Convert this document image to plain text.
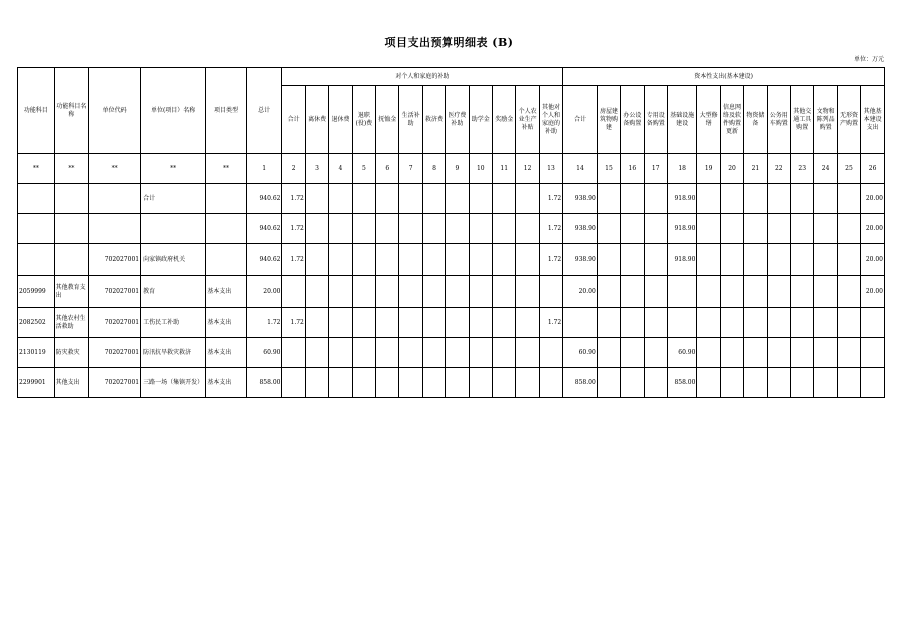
项目支出预算明细表 (B)
单位：万元
功能科目	功能科目名称	单位代码	单位(项目）名称	项目类型	总计	对个人和家庭的补助												资本性支出(基本建设)												
						合计	离休费	退休费	退职(役)费	抚恤金	生活补助	救济费	医疗费补助	助学金	奖励金	个人农业生产补贴	其他对个人和家庭的补助	合计	房屋建筑物购建	办公设备购置	专用设备购置	基础设施建设	大型修缮	信息网络及软件购置更新	物资储备	公务用车购置	其他交通工具购置	文物和陈列品购置	无形资产购置	其他基本建设支出
**	**	**	**	**	1	2	3	4	5	6	7	8	9	10	11	12	13	14	15	16	17	18	19	20	21	22	23	24	25	26
			合计		940.62	1.72											1.72	938.90				918.90								20.00
					940.62	1.72											1.72	938.90				918.90								20.00
		702027001	向家镇政府机关		940.62	1.72											1.72	938.90				918.90								20.00
2059999	其他教育支出	702027001	教育	基本支出	20.00													20.00												20.00
2082502	其他农村生活救助	702027001	工伤民工补助	基本支出	1.72	1.72											1.72													
2130119	防灾救灾	702027001	防汛抗旱救灾救济	基本支出	60.90													60.90				60.90								
2299901	其他支出	702027001	三路一场（集镇开发）	基本支出	858.00													858.00				858.00								
